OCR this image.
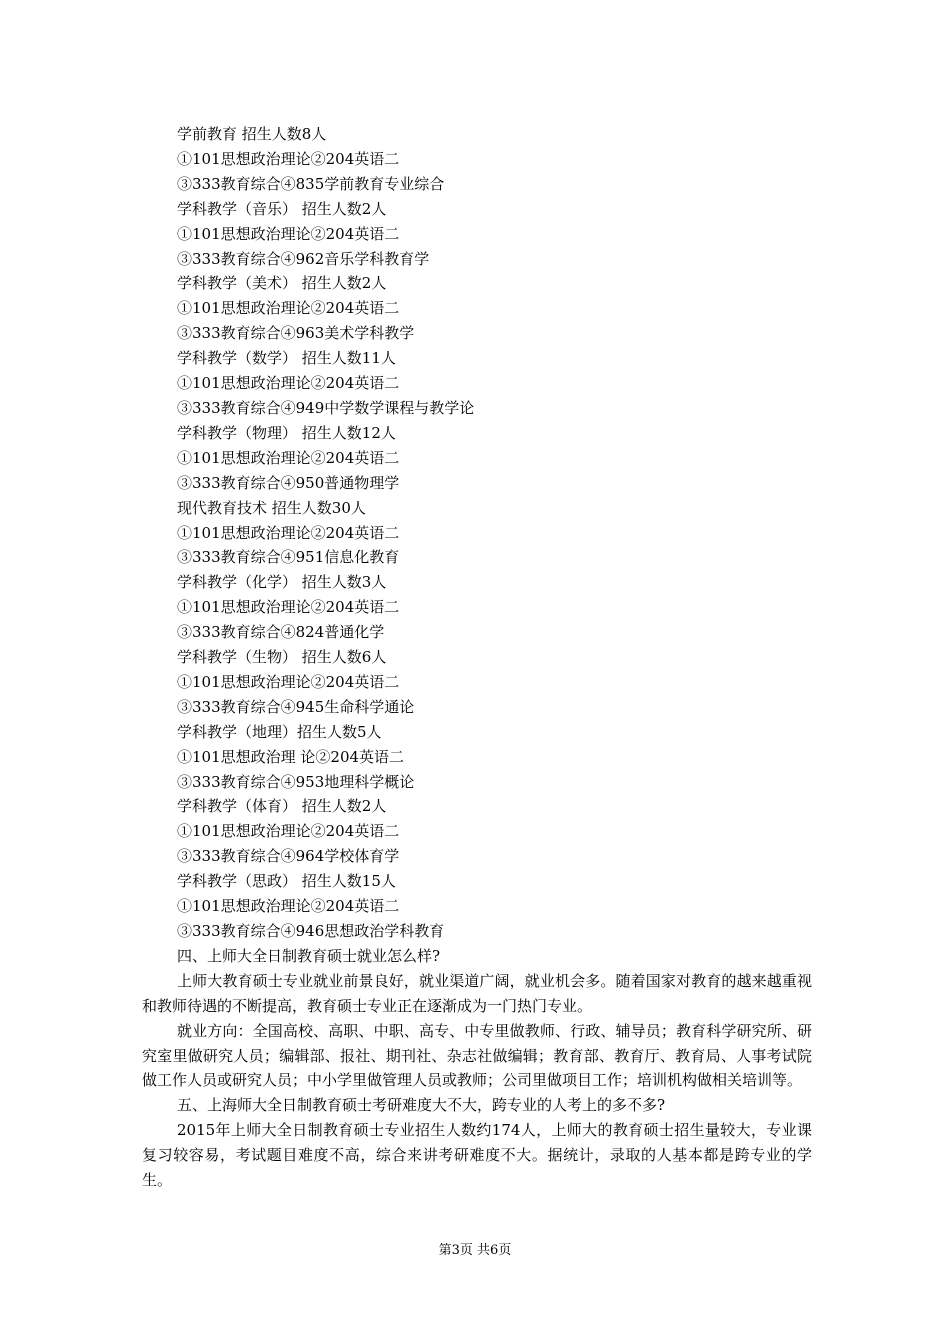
学前教育 招生人数8人
①101思想政治理论②204英语二
③333教育综合④835学前教育专业综合
学科教学（音乐） 招生人数2人
①101思想政治理论②204英语二
③333教育综合④962音乐学科教育学
学科教学（美术） 招生人数2人
①101思想政治理论②204英语二
③333教育综合④963美术学科教学
学科教学（数学） 招生人数11人
①101思想政治理论②204英语二
③333教育综合④949中学数学课程与教学论
学科教学（物理） 招生人数12人
①101思想政治理论②204英语二
③333教育综合④950普通物理学
现代教育技术 招生人数30人
①101思想政治理论②204英语二
③333教育综合④951信息化教育
学科教学（化学） 招生人数3人
①101思想政治理论②204英语二
③333教育综合④824普通化学
学科教学（生物） 招生人数6人
①101思想政治理论②204英语二
③333教育综合④945生命科学通论
学科教学（地理）招生人数5人
①101思想政治理 论②204英语二
③333教育综合④953地理科学概论
学科教学（体育） 招生人数2人
①101思想政治理论②204英语二
③333教育综合④964学校体育学
学科教学（思政） 招生人数15人
①101思想政治理论②204英语二
③333教育综合④946思想政治学科教育
四、上师大全日制教育硕士就业怎么样?
上师大教育硕士专业就业前景良好，就业渠道广阔，就业机会多。随着国家对教育的越来越重视和教师待遇的不断提高，教育硕士专业正在逐渐成为一门热门专业。
就业方向：全国高校、高职、中职、高专、中专里做教师、行政、辅导员；教育科学研究所、研究室里做研究人员；编辑部、报社、期刊社、杂志社做编辑；教育部、教育厅、教育局、人事考试院做工作人员或研究人员；中小学里做管理人员或教师；公司里做项目工作；培训机构做相关培训等。
五、上海师大全日制教育硕士考研难度大不大，跨专业的人考上的多不多?
2015年上师大全日制教育硕士专业招生人数约174人，上师大的教育硕士招生量较大，专业课复习较容易，考试题目难度不高，综合来讲考研难度不大。据统计，录取的人基本都是跨专业的学生。
第3页 共6页
